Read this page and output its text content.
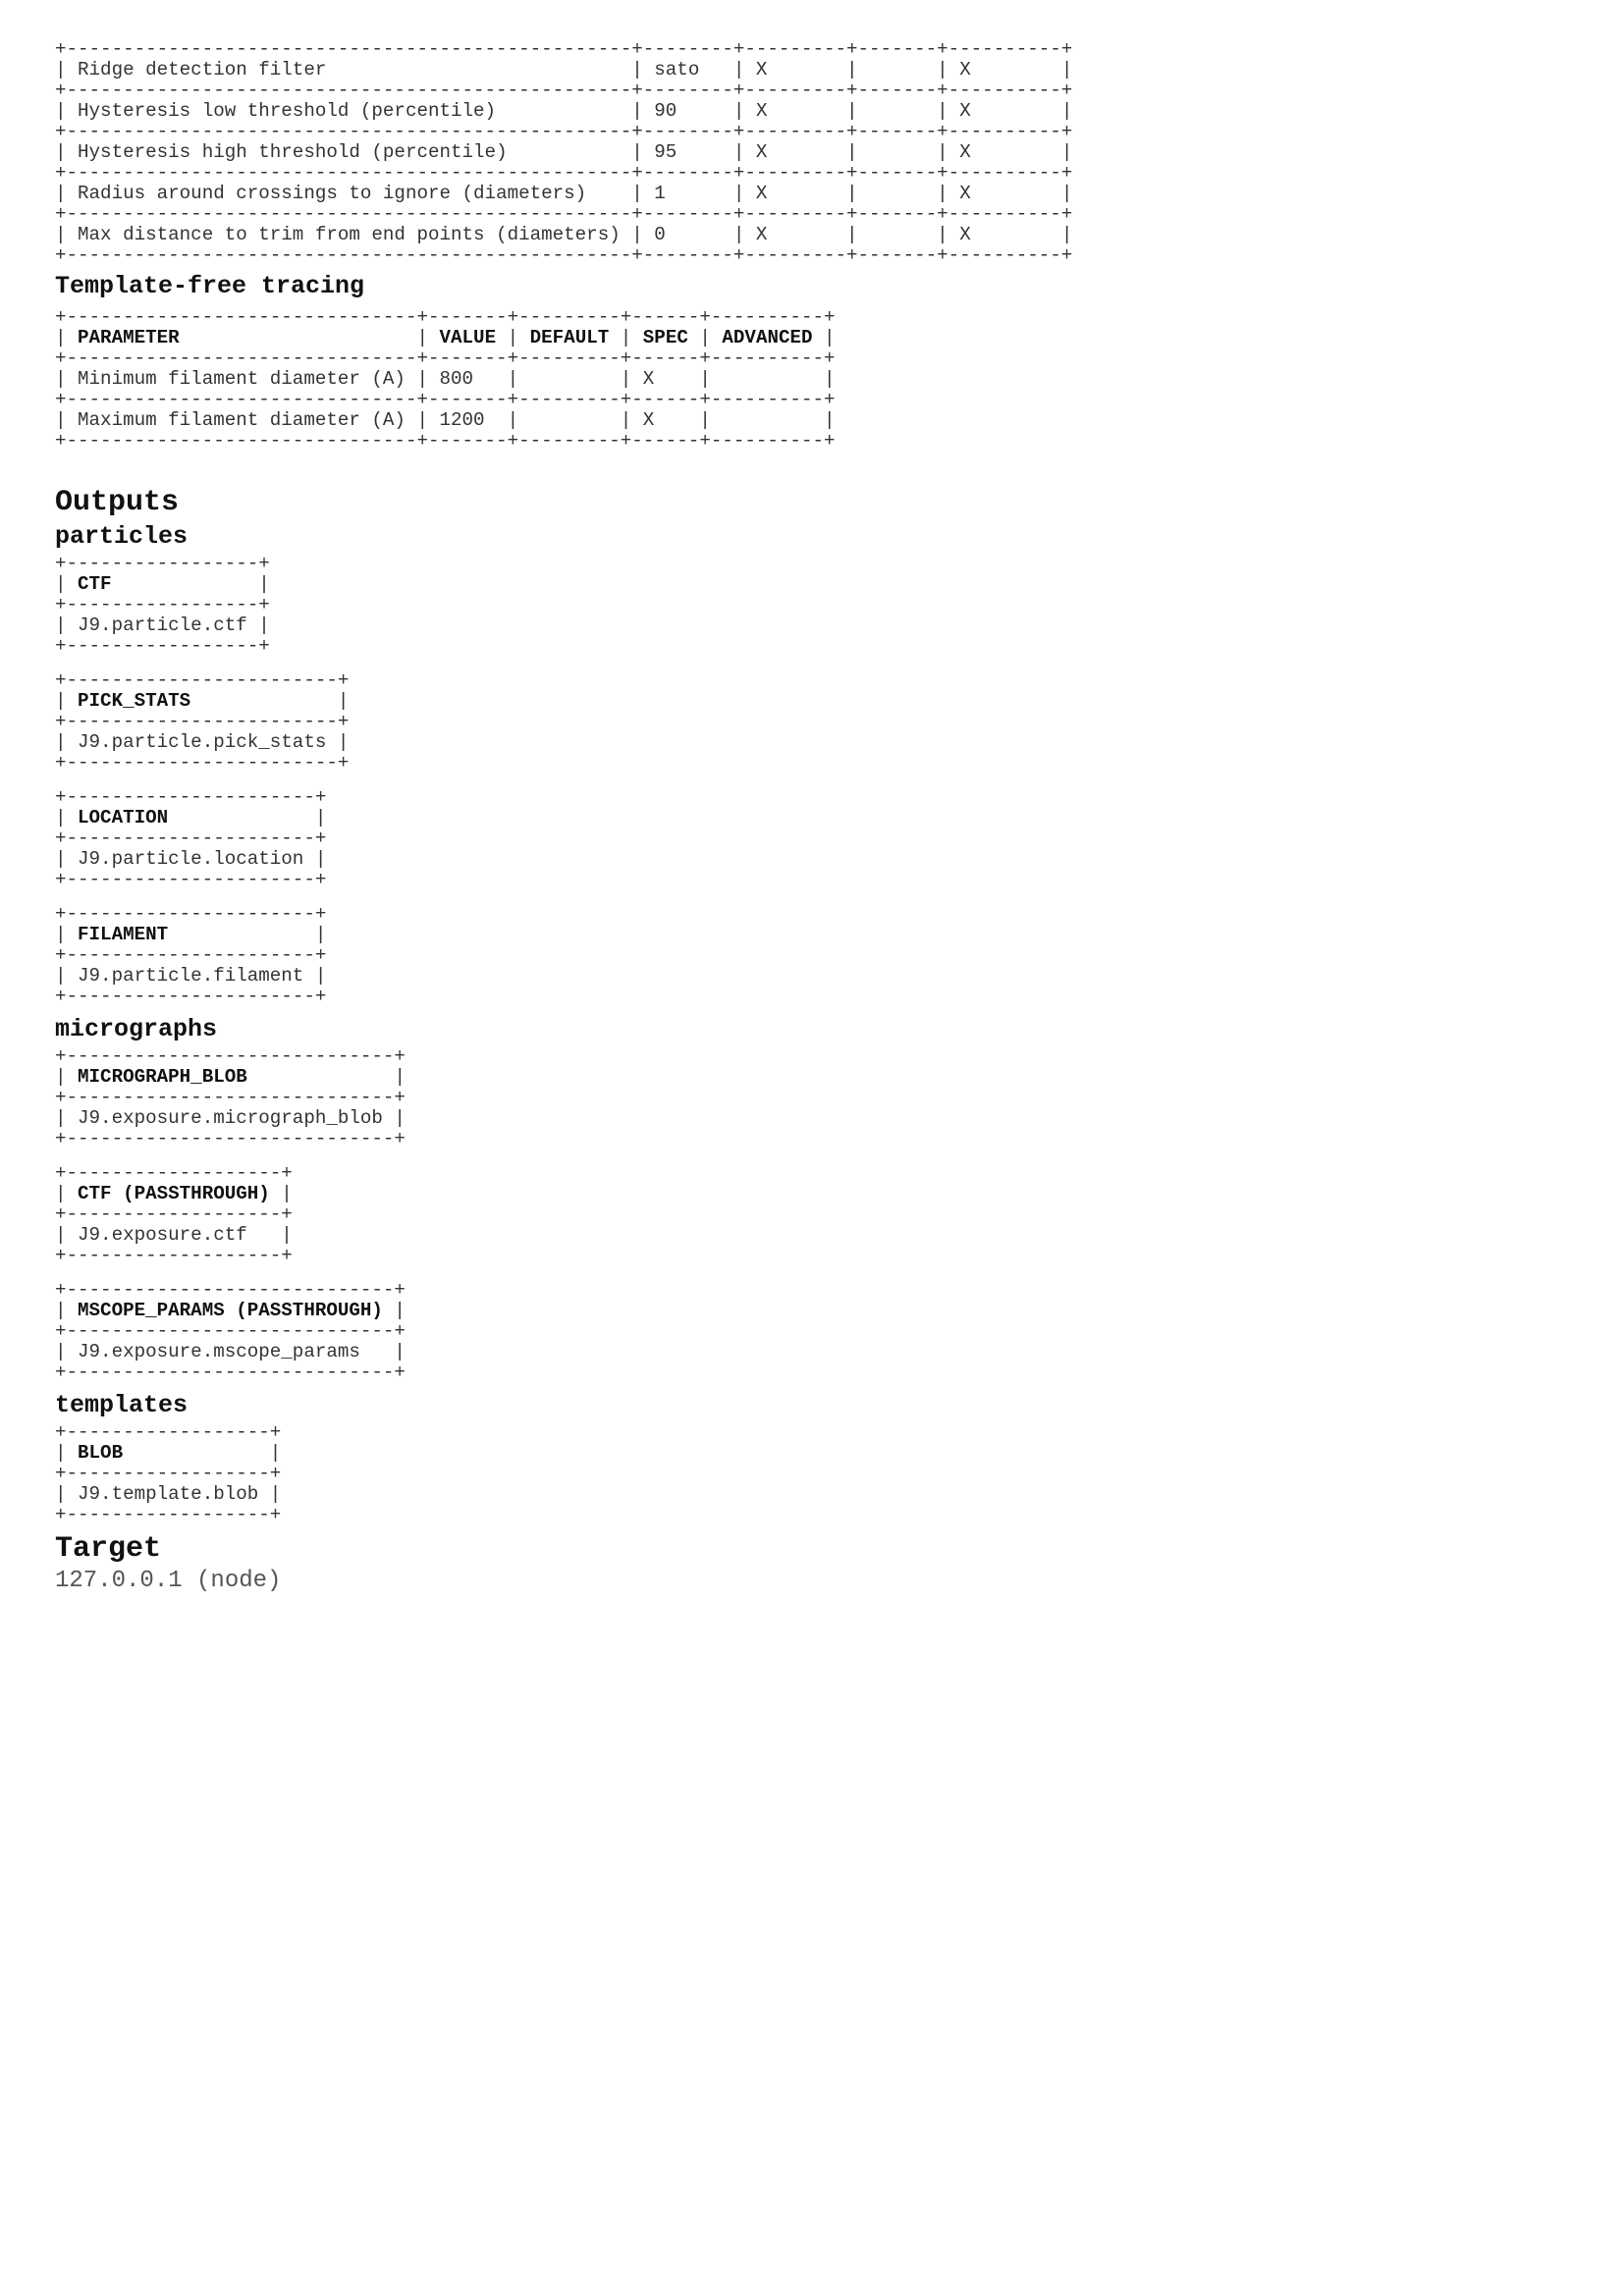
+--------------------------------------------------+--------+---------+-------+----------+
| Ridge detection filter	| sato   | X	|	| X	|
+--------------------------------------------------+--------+---------+-------+----------+
| Hysteresis low threshold (percentile)	| 90     | X	|	| X	|
+--------------------------------------------------+--------+---------+-------+----------+
| Hysteresis high threshold (percentile)	| 95     | X	|	| X	|
+--------------------------------------------------+--------+---------+-------+----------+
| Radius around crossings to ignore (diameters)    | 1	| X	|	| X	|
+--------------------------------------------------+--------+---------+-------+----------+
| Max distance to trim from end points (diameters) | 0	| X	|	| X	|
+--------------------------------------------------+--------+---------+-------+----------+

Template-free tracing
+-------------------------------+-------+---------+------+----------+
| PARAMETER	| VALUE | DEFAULT | SPEC | ADVANCED |
+-------------------------------+-------+---------+------+----------+
| Minimum filament diameter (A) | 800   |	| X    |	|
+-------------------------------+-------+---------+------+----------+
| Maximum filament diameter (A) | 1200  |	| X    |	|
+-------------------------------+-------+---------+------+----------+

Outputs
particles
+-----------------+
| CTF	|
+-----------------+
| J9.particle.ctf |
+-----------------+
+------------------------+
| PICK_STATS	|
+------------------------+
| J9.particle.pick_stats |
+------------------------+
+----------------------+
| LOCATION	|
+----------------------+
| J9.particle.location |
+----------------------+
+----------------------+
| FILAMENT	|
+----------------------+
| J9.particle.filament |
+----------------------+
micrographs
+-----------------------------+
| MICROGRAPH_BLOB	|
+-----------------------------+
| J9.exposure.micrograph_blob |
+-----------------------------+
+-------------------+
| CTF (PASSTHROUGH) |
+-------------------+
| J9.exposure.ctf   |
+-------------------+
+-----------------------------+
| MSCOPE_PARAMS (PASSTHROUGH) |
+-----------------------------+
| J9.exposure.mscope_params   |
+-----------------------------+
templates
+------------------+
| BLOB	|
+------------------+
| J9.template.blob |
+------------------+
Target
127.0.0.1 (node)
